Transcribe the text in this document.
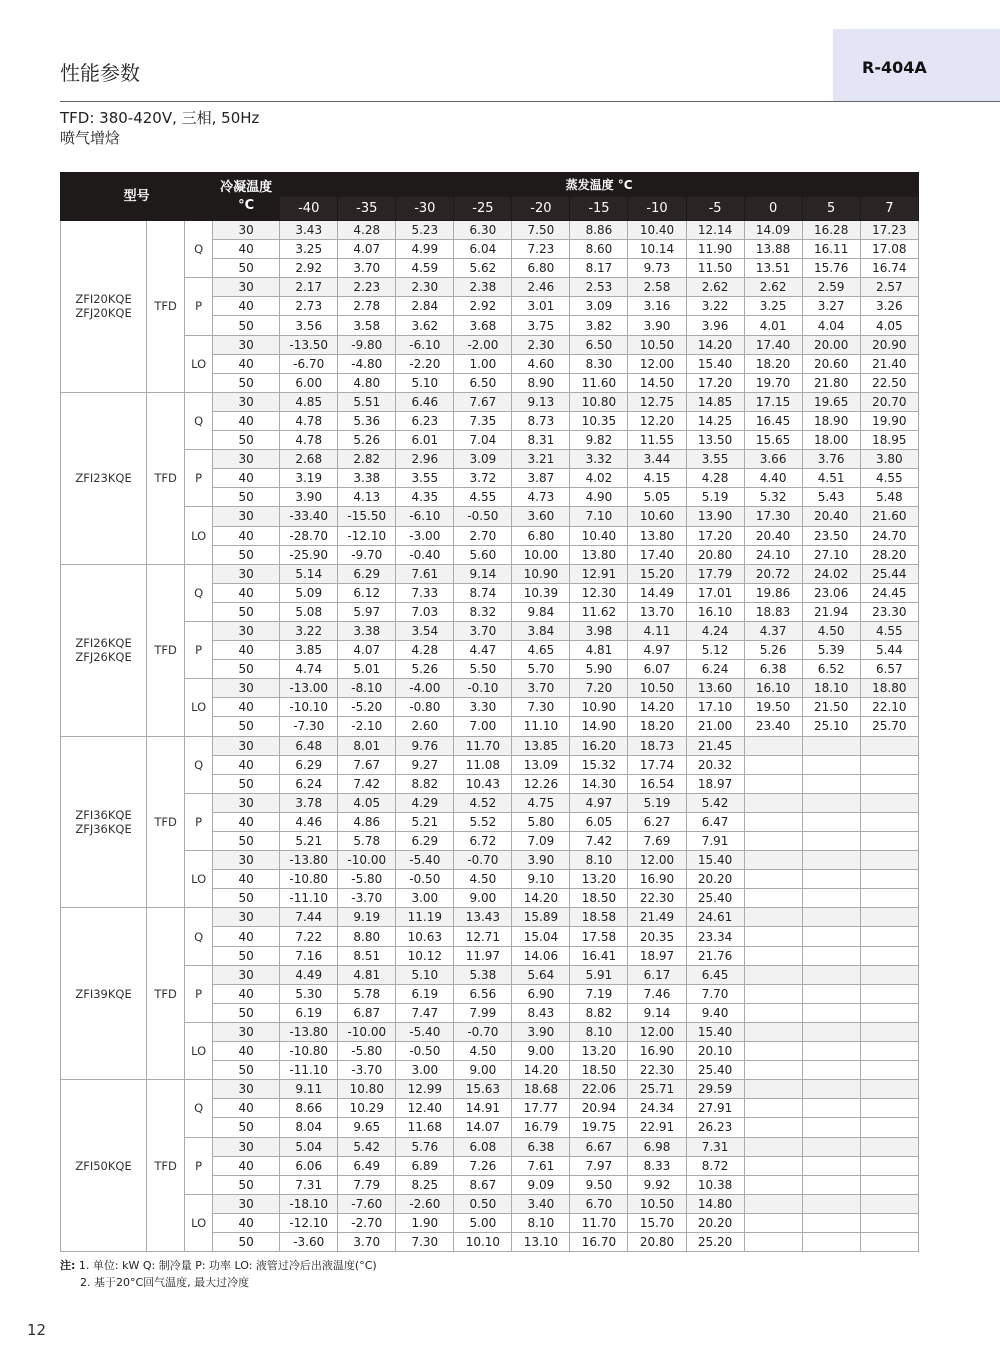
性能参数	R-404A
TFD: 380-420V, 三相, 50Hz
喷气增焓
型号			冷凝温度
°C	蒸发温度 °C										
				-40	-35	-30	-25	-20	-15	-10	-5	0	5	7

ZFI20KQE
ZFJ20KQE	TFD	Q	30	3.43	4.28	5.23	6.30	7.50	8.86	10.40	12.14	14.09	16.28	17.23
			40	3.25	4.07	4.99	6.04	7.23	8.60	10.14	11.90	13.88	16.11	17.08
			50	2.92	3.70	4.59	5.62	6.80	8.17	9.73	11.50	13.51	15.76	16.74
		P	30	2.17	2.23	2.30	2.38	2.46	2.53	2.58	2.62	2.62	2.59	2.57
			40	2.73	2.78	2.84	2.92	3.01	3.09	3.16	3.22	3.25	3.27	3.26
			50	3.56	3.58	3.62	3.68	3.75	3.82	3.90	3.96	4.01	4.04	4.05
		LO	30	-13.50	-9.80	-6.10	-2.00	2.30	6.50	10.50	14.20	17.40	20.00	20.90
			40	-6.70	-4.80	-2.20	1.00	4.60	8.30	12.00	15.40	18.20	20.60	21.40
			50	6.00	4.80	5.10	6.50	8.90	11.60	14.50	17.20	19.70	21.80	22.50

ZFI23KQE	TFD	Q	30	4.85	5.51	6.46	7.67	9.13	10.80	12.75	14.85	17.15	19.65	20.70
			40	4.78	5.36	6.23	7.35	8.73	10.35	12.20	14.25	16.45	18.90	19.90
			50	4.78	5.26	6.01	7.04	8.31	9.82	11.55	13.50	15.65	18.00	18.95
		P	30	2.68	2.82	2.96	3.09	3.21	3.32	3.44	3.55	3.66	3.76	3.80
			40	3.19	3.38	3.55	3.72	3.87	4.02	4.15	4.28	4.40	4.51	4.55
			50	3.90	4.13	4.35	4.55	4.73	4.90	5.05	5.19	5.32	5.43	5.48
		LO	30	-33.40	-15.50	-6.10	-0.50	3.60	7.10	10.60	13.90	17.30	20.40	21.60
			40	-28.70	-12.10	-3.00	2.70	6.80	10.40	13.80	17.20	20.40	23.50	24.70
			50	-25.90	-9.70	-0.40	5.60	10.00	13.80	17.40	20.80	24.10	27.10	28.20

ZFI26KQE
ZFJ26KQE	TFD	Q	30	5.14	6.29	7.61	9.14	10.90	12.91	15.20	17.79	20.72	24.02	25.44
			40	5.09	6.12	7.33	8.74	10.39	12.30	14.49	17.01	19.86	23.06	24.45
			50	5.08	5.97	7.03	8.32	9.84	11.62	13.70	16.10	18.83	21.94	23.30
		P	30	3.22	3.38	3.54	3.70	3.84	3.98	4.11	4.24	4.37	4.50	4.55
			40	3.85	4.07	4.28	4.47	4.65	4.81	4.97	5.12	5.26	5.39	5.44
			50	4.74	5.01	5.26	5.50	5.70	5.90	6.07	6.24	6.38	6.52	6.57
		LO	30	-13.00	-8.10	-4.00	-0.10	3.70	7.20	10.50	13.60	16.10	18.10	18.80
			40	-10.10	-5.20	-0.80	3.30	7.30	10.90	14.20	17.10	19.50	21.50	22.10
			50	-7.30	-2.10	2.60	7.00	11.10	14.90	18.20	21.00	23.40	25.10	25.70

ZFI36KQE
ZFJ36KQE	TFD	Q	30	6.48	8.01	9.76	11.70	13.85	16.20	18.73	21.45			
			40	6.29	7.67	9.27	11.08	13.09	15.32	17.74	20.32			
			50	6.24	7.42	8.82	10.43	12.26	14.30	16.54	18.97			
		P	30	3.78	4.05	4.29	4.52	4.75	4.97	5.19	5.42			
			40	4.46	4.86	5.21	5.52	5.80	6.05	6.27	6.47			
			50	5.21	5.78	6.29	6.72	7.09	7.42	7.69	7.91			
		LO	30	-13.80	-10.00	-5.40	-0.70	3.90	8.10	12.00	15.40			
			40	-10.80	-5.80	-0.50	4.50	9.10	13.20	16.90	20.20			
			50	-11.10	-3.70	3.00	9.00	14.20	18.50	22.30	25.40			

ZFI39KQE	TFD	Q	30	7.44	9.19	11.19	13.43	15.89	18.58	21.49	24.61			
			40	7.22	8.80	10.63	12.71	15.04	17.58	20.35	23.34			
			50	7.16	8.51	10.12	11.97	14.06	16.41	18.97	21.76			
		P	30	4.49	4.81	5.10	5.38	5.64	5.91	6.17	6.45			
			40	5.30	5.78	6.19	6.56	6.90	7.19	7.46	7.70			
			50	6.19	6.87	7.47	7.99	8.43	8.82	9.14	9.40			
		LO	30	-13.80	-10.00	-5.40	-0.70	3.90	8.10	12.00	15.40			
			40	-10.80	-5.80	-0.50	4.50	9.00	13.20	16.90	20.10			
			50	-11.10	-3.70	3.00	9.00	14.20	18.50	22.30	25.40			

ZFI50KQE	TFD	Q	30	9.11	10.80	12.99	15.63	18.68	22.06	25.71	29.59			
			40	8.66	10.29	12.40	14.91	17.77	20.94	24.34	27.91			
			50	8.04	9.65	11.68	14.07	16.79	19.75	22.91	26.23			
		P	30	5.04	5.42	5.76	6.08	6.38	6.67	6.98	7.31			
			40	6.06	6.49	6.89	7.26	7.61	7.97	8.33	8.72			
			50	7.31	7.79	8.25	8.67	9.09	9.50	9.92	10.38			
		LO	30	-18.10	-7.60	-2.60	0.50	3.40	6.70	10.50	14.80			
			40	-12.10	-2.70	1.90	5.00	8.10	11.70	15.70	20.20			
			50	-3.60	3.70	7.30	10.10	13.10	16.70	20.80	25.20			
注: 1. 单位: kW Q: 制冷量 P: 功率 LO: 液管过冷后出液温度(°C)
2. 基于20°C回气温度, 最大过冷度
12
